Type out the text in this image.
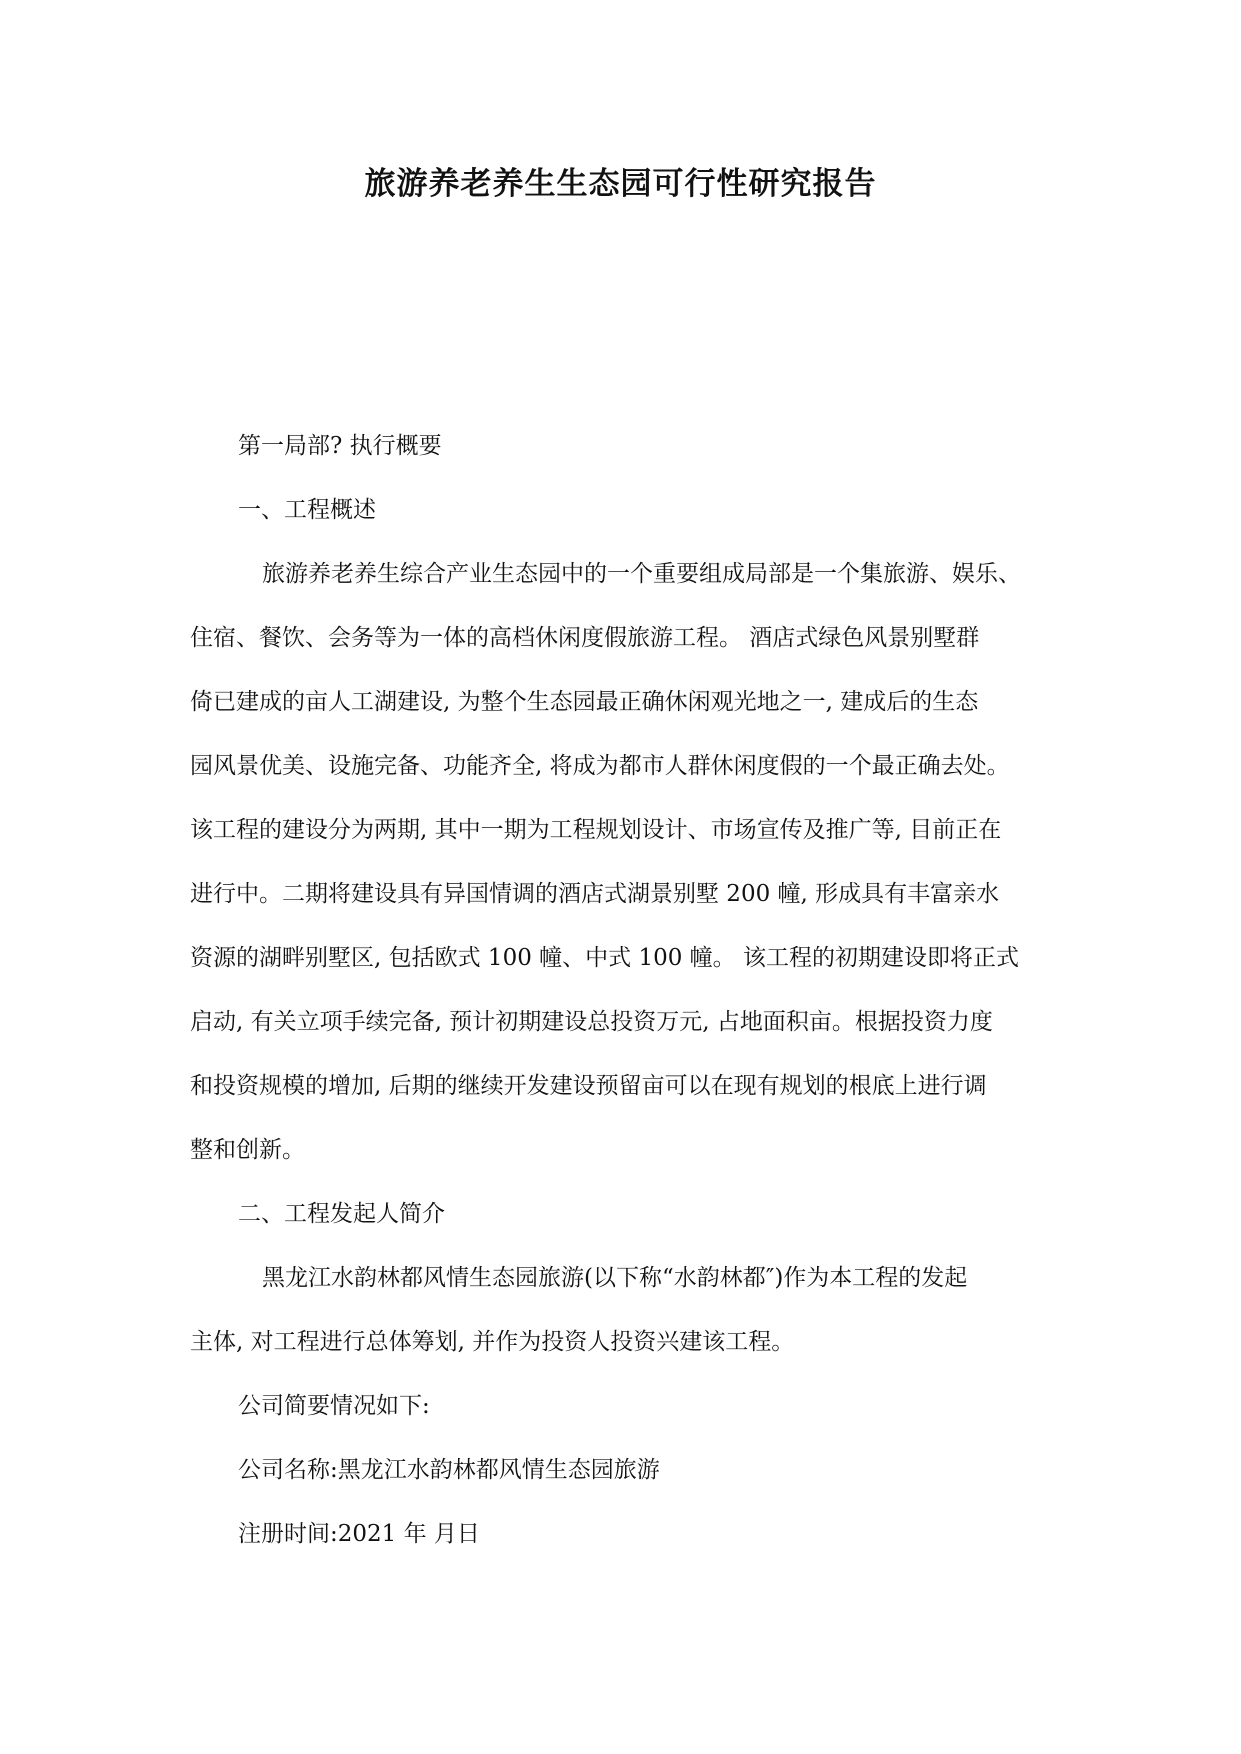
旅游养老养生生态园可行性研究报告
第一局部? 执行概要
一、工程概述
旅游养老养生综合产业生态园中的一个重要组成局部是一个集旅游、娱乐、
住宿、餐饮、会务等为一体的高档休闲度假旅游工程。 酒店式绿色风景别墅群
倚已建成的亩人工湖建设, 为整个生态园最正确休闲观光地之一, 建成后的生态
园风景优美、设施完备、功能齐全, 将成为都市人群休闲度假的一个最正确去处。
该工程的建设分为两期, 其中一期为工程规划设计、市场宣传及推广等, 目前正在
进行中。二期将建设具有异国情调的酒店式湖景别墅 200 幢, 形成具有丰富亲水
资源的湖畔别墅区, 包括欧式 100 幢、中式 100 幢。 该工程的初期建设即将正式
启动, 有关立项手续完备, 预计初期建设总投资万元, 占地面积亩。根据投资力度
和投资规模的增加, 后期的继续开发建设预留亩可以在现有规划的根底上进行调
整和创新。
二、工程发起人简介
黑龙江水韵林都风情生态园旅游(以下称“水韵林都″)作为本工程的发起
主体, 对工程进行总体筹划, 并作为投资人投资兴建该工程。
公司简要情况如下:
公司名称:黑龙江水韵林都风情生态园旅游
注册时间:2021 年 月日
